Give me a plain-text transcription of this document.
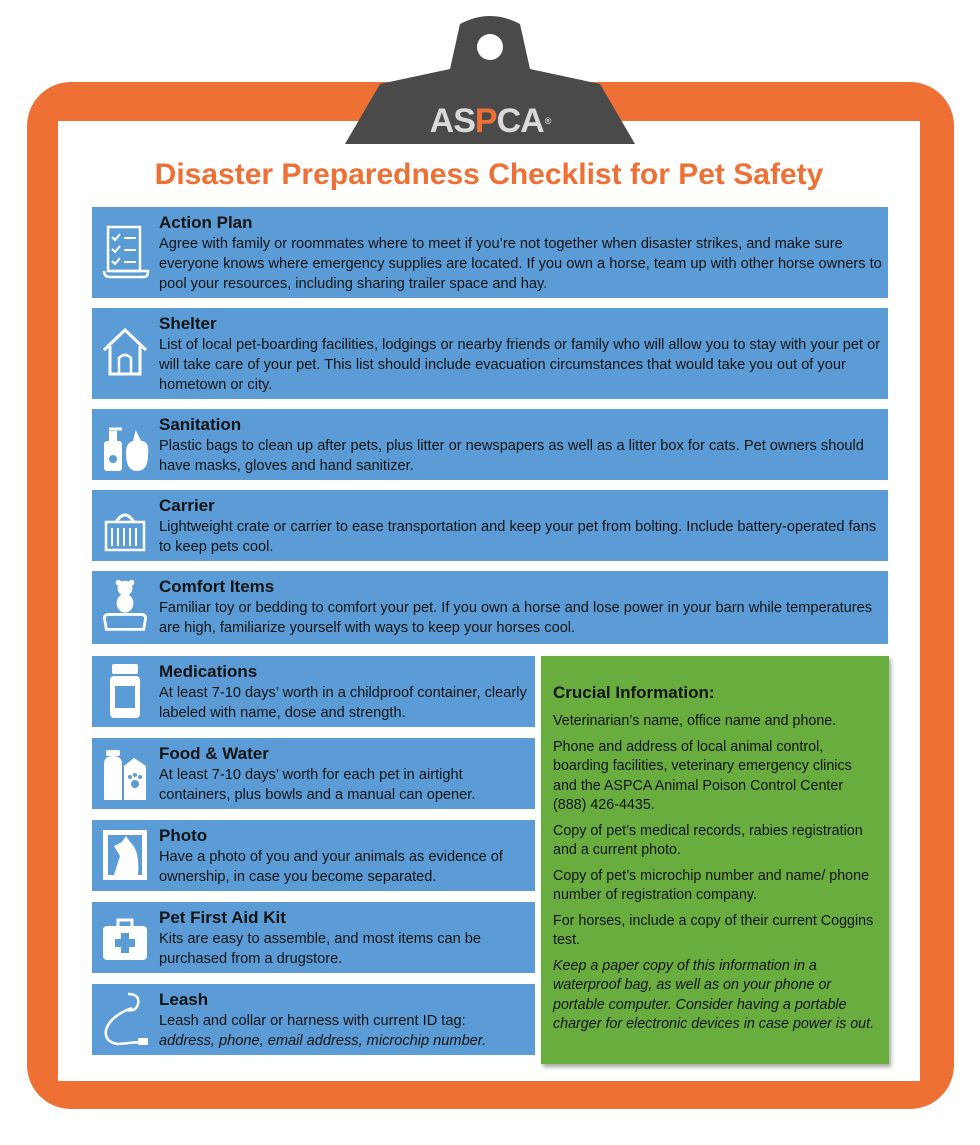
ASPCA®
Disaster Preparedness Checklist for Pet Safety
Action Plan

Agree with family or roommates where to meet if you’re not together when disaster strikes, and make sure everyone knows where emergency supplies are located. If you own a horse, team up with other horse owners to pool your resources, including sharing trailer space and hay.

Shelter

List of local pet-boarding facilities, lodgings or nearby friends or family who will allow you to stay with your pet or will take care of your pet. This list should include evacuation circumstances that would take you out of your hometown or city.

Sanitation

Plastic bags to clean up after pets, plus litter or newspapers as well as a litter box for cats. Pet owners should have masks, gloves and hand sanitizer.

Carrier

Lightweight crate or carrier to ease transportation and keep your pet from bolting. Include battery-operated fans to keep pets cool.

Comfort Items

Familiar toy or bedding to comfort your pet. If you own a horse and lose power in your barn while temperatures are high, familiarize yourself with ways to keep your horses cool.

Medications

At least 7-10 days’ worth in a childproof container, clearly labeled with name, dose and strength.

Food & Water

At least 7-10 days’ worth for each pet in airtight containers, plus bowls and a manual can opener.

Photo

Have a photo of you and your animals as evidence of ownership, in case you become separated.

Pet First Aid Kit

Kits are easy to assemble, and most items can be purchased from a drugstore.

Leash

Leash and collar or harness with current ID tag:
address, phone, email address, microchip number.

Crucial Information:

Veterinarian’s name, office name and phone.

Phone and address of local animal control, boarding facilities, veterinary emergency clinics and the ASPCA Animal Poison Control Center (888) 426-4435.

Copy of pet’s medical records, rabies registration and a current photo.

Copy of pet’s microchip number and name/ phone number of registration company.

For horses, include a copy of their current Coggins test.

Keep a paper copy of this information in a waterproof bag, as well as on your phone or portable computer. Consider having a portable charger for electronic devices in case power is out.
